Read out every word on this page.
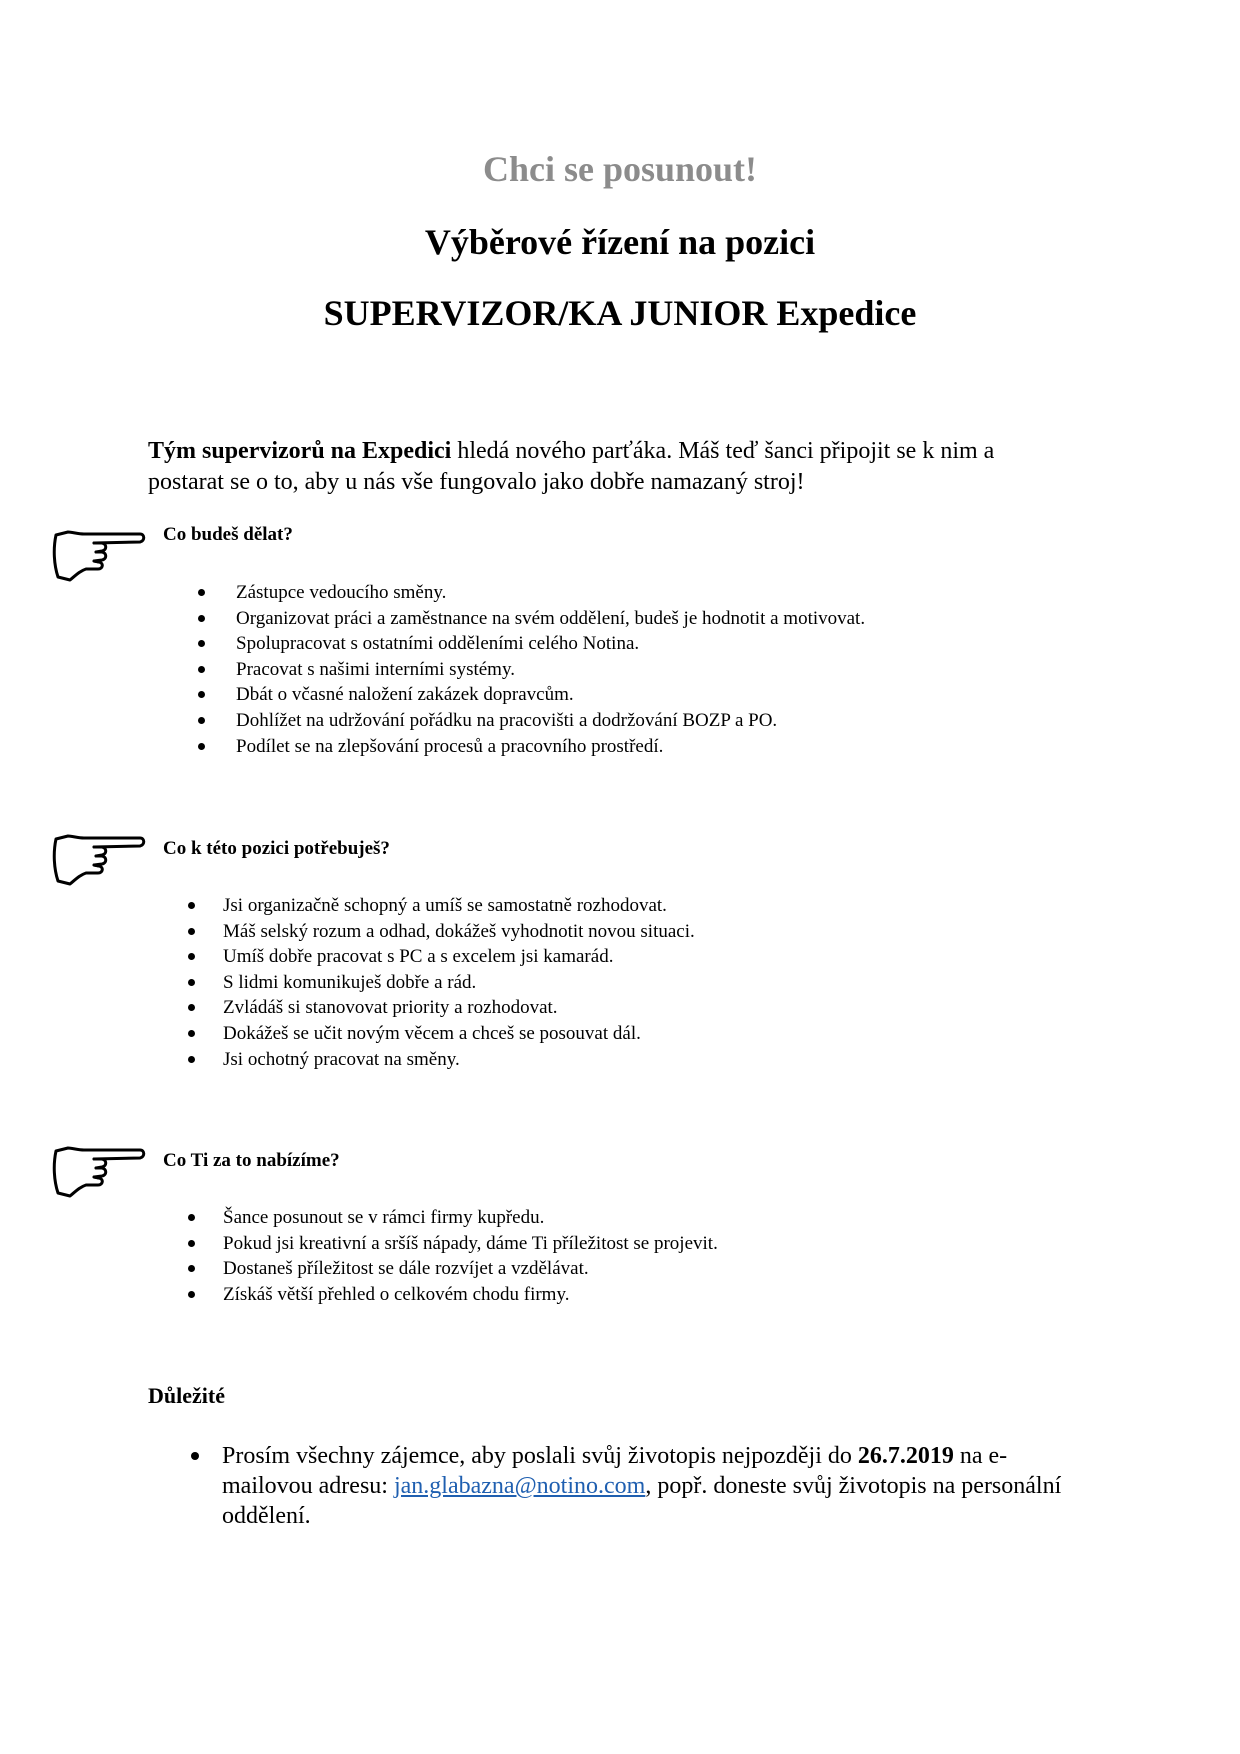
Chci se posunout!
Výběrové řízení na pozici
SUPERVIZOR/KA JUNIOR Expedice
Tým supervizorů na Expedici hledá nového parťáka. Máš teď šanci připojit se k nim a postarat se o to, aby u nás vše fungovalo jako dobře namazaný stroj!
Co budeš dělat?
Zástupce vedoucího směny.
Organizovat práci a zaměstnance na svém oddělení, budeš je hodnotit a motivovat.
Spolupracovat s ostatními odděleními celého Notina.
Pracovat s našimi interními systémy.
Dbát o včasné naložení zakázek dopravcům.
Dohlížet na udržování pořádku na pracovišti a dodržování BOZP a PO.
Podílet se na zlepšování procesů a pracovního prostředí.
Co k této pozici potřebuješ?
Jsi organizačně schopný a umíš se samostatně rozhodovat.
Máš selský rozum a odhad, dokážeš vyhodnotit novou situaci.
Umíš dobře pracovat s PC a s excelem jsi kamarád.
S lidmi komunikuješ dobře a rád.
Zvládáš si stanovovat priority a rozhodovat.
Dokážeš se učit novým věcem a chceš se posouvat dál.
Jsi ochotný pracovat na směny.
Co Ti za to nabízíme?
Šance posunout se v rámci firmy kupředu.
Pokud jsi kreativní a sršíš nápady, dáme Ti příležitost se projevit.
Dostaneš příležitost se dále rozvíjet a vzdělávat.
Získáš větší přehled o celkovém chodu firmy.
Důležité
Prosím všechny zájemce, aby poslali svůj životopis nejpozději do 26.7.2019 na e-mailovou adresu: jan.glabazna@notino.com, popř. doneste svůj životopis na personální oddělení.
